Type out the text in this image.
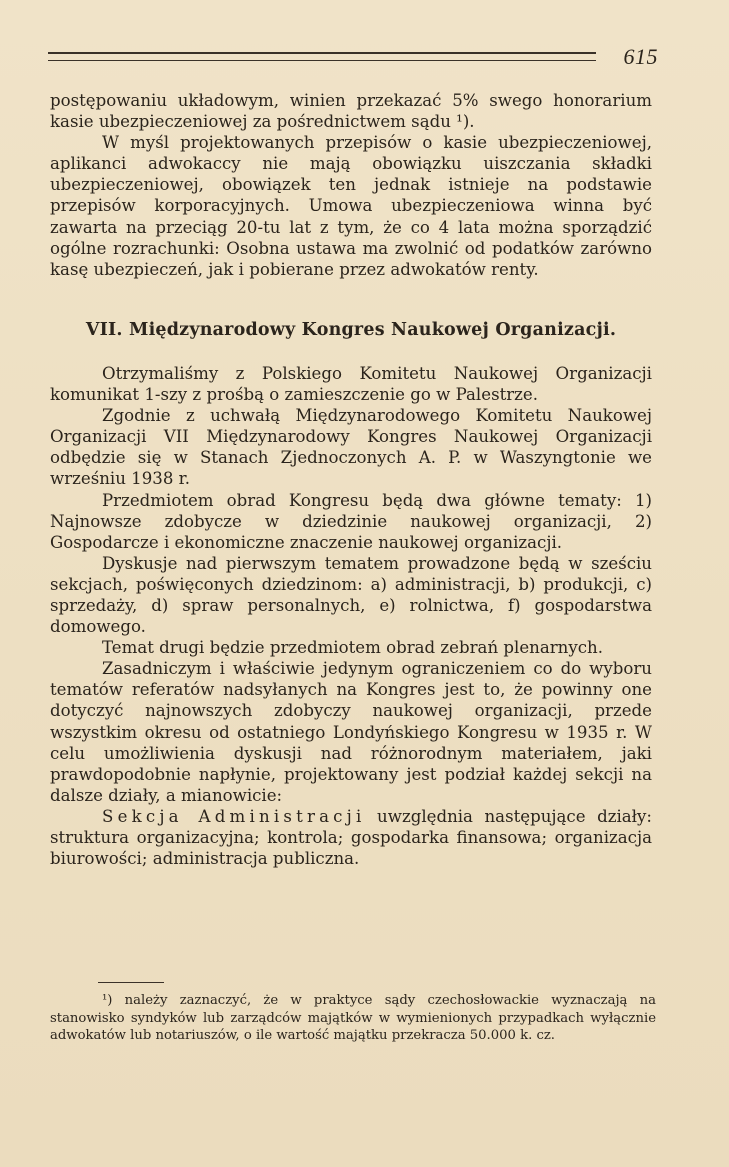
615

postępowaniu układowym, winien przekazać 5% swego honorarium kasie ubezpieczeniowej za pośrednictwem sądu ¹).

W myśl projektowanych przepisów o kasie ubezpieczeniowej, aplikanci adwokaccy nie mają obowiązku uiszczania składki ubezpieczeniowej, obowiązek ten jednak istnieje na podstawie przepisów korporacyjnych. Umowa ubezpieczeniowa winna być zawarta na przeciąg 20-tu lat z tym, że co 4 lata można sporządzić ogólne rozrachunki: Osobna ustawa ma zwolnić od podatków zarówno kasę ubezpieczeń, jak i pobierane przez adwokatów renty.

VII. Międzynarodowy Kongres Naukowej Organizacji.

Otrzymaliśmy z Polskiego Komitetu Naukowej Organizacji komunikat 1-szy z prośbą o zamieszczenie go w Palestrze.

Zgodnie z uchwałą Międzynarodowego Komitetu Naukowej Organizacji VII Międzynarodowy Kongres Naukowej Organizacji odbędzie się w Stanach Zjednoczonych A. P. w Waszyngtonie we wrześniu 1938 r.

Przedmiotem obrad Kongresu będą dwa główne tematy: 1) Najnowsze zdobycze w dziedzinie naukowej organizacji, 2) Gospodarcze i ekonomiczne znaczenie naukowej organizacji.

Dyskusje nad pierwszym tematem prowadzone będą w sześciu sekcjach, poświęconych dziedzinom: a) administracji, b) produkcji, c) sprzedaży, d) spraw personalnych, e) rolnictwa, f) gospodarstwa domowego.

Temat drugi będzie przedmiotem obrad zebrań plenarnych.

Zasadniczym i właściwie jedynym ograniczeniem co do wyboru tematów referatów nadsyłanych na Kongres jest to, że powinny one dotyczyć najnowszych zdobyczy naukowej organizacji, przede wszystkim okresu od ostatniego Londyńskiego Kongresu w 1935 r. W celu umożliwienia dyskusji nad różnorodnym materiałem, jaki prawdopodobnie napłynie, projektowany jest podział każdej sekcji na dalsze działy, a mianowicie:

Sekcja Administracji uwzględnia następujące działy: struktura organizacyjna; kontrola; gospodarka finansowa; organizacja biurowości; administracja publiczna.

¹) należy zaznaczyć, że w praktyce sądy czechosłowackie wyznaczają na stanowisko syndyków lub zarządców majątków w wymienionych przypadkach wyłącznie adwokatów lub notariuszów, o ile wartość majątku przekracza 50.000 k. cz.
